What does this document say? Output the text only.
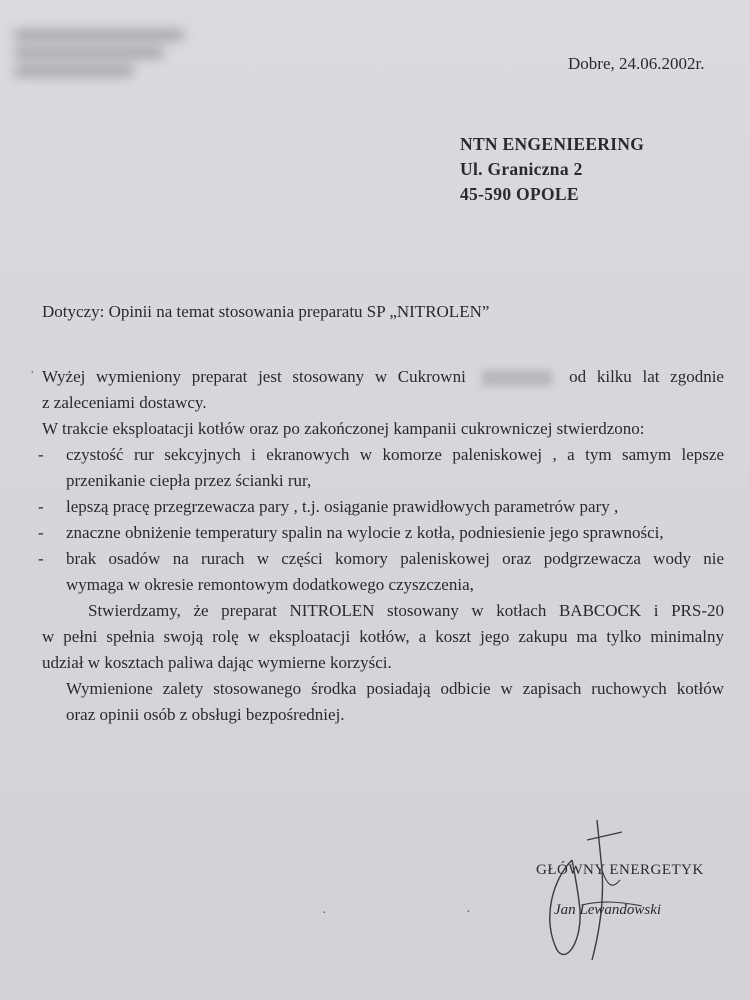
Dobre, 24.06.2002r.
NTN ENGENIEERING
Ul. Graniczna 2
45-590 OPOLE
Dotyczy: Opinii na temat stosowania preparatu SP „NITROLEN”
Wyżej wymieniony preparat jest stosowany w Cukrowni	od kilku lat zgodnie
z zaleceniami dostawcy.
W trakcie eksploatacji kotłów oraz po zakończonej kampanii cukrowniczej stwierdzono:
- czystość rur sekcyjnych i ekranowych w komorze paleniskowej , a tym samym lepsze
przenikanie ciepła przez ścianki rur,
- lepszą pracę przegrzewacza pary , t.j. osiąganie prawidłowych parametrów pary ,
- znaczne obniżenie temperatury spalin na wylocie z kotła, podniesienie jego sprawności,
- brak osadów na rurach w części komory paleniskowej oraz podgrzewacza wody nie
wymaga w okresie remontowym dodatkowego czyszczenia,
Stwierdzamy, że preparat NITROLEN stosowany w kotłach BABCOCK i PRS-20
w pełni spełnia swoją rolę w eksploatacji kotłów, a koszt jego zakupu ma tylko minimalny
udział w kosztach paliwa dając wymierne korzyści.
Wymienione zalety stosowanego środka posiadają odbicie w zapisach ruchowych kotłów
oraz opinii osób z obsługi bezpośredniej.
GŁÓWNY ENERGETYK
Jan Lewandowski
·
·
·
